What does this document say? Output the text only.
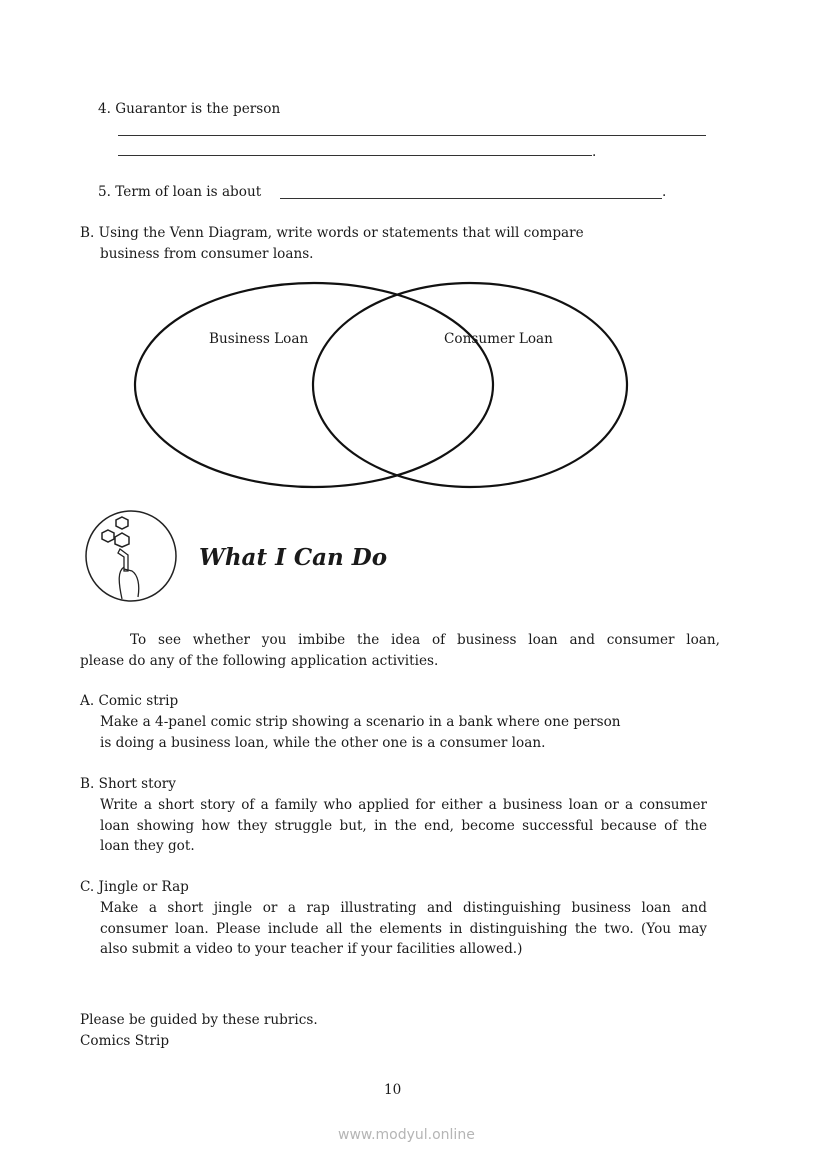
4. Guarantor is the person
.
5. Term of loan is about	.
B. Using the Venn Diagram, write words or statements that will compare
business from consumer loans.
Business Loan	Consumer Loan
What I Can Do
To see whether you imbibe the idea of business loan and consumer loan,
please do any of the following application activities.
A. Comic strip
Make a 4-panel comic strip showing a scenario in a bank where one person
is doing a business loan, while the other one is a consumer loan.
B. Short story
Write a short story of a family who applied for either a business loan or a consumer
loan showing how they struggle but, in the end, become successful because of the
loan they got.
C. Jingle or Rap
Make a short jingle or a rap illustrating and distinguishing business loan and
consumer loan. Please include all the elements in distinguishing the two. (You may
also submit a video to your teacher if your facilities allowed.)
Please be guided by these rubrics.
Comics Strip
10
www.modyul.online
